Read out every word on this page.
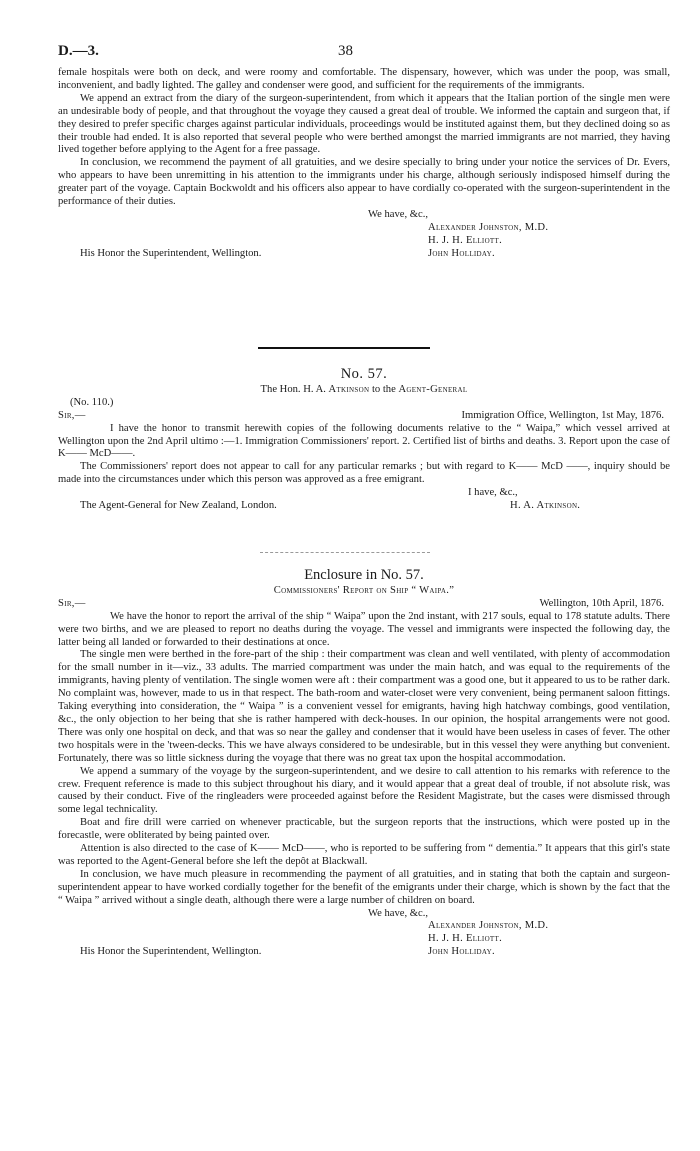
D.—3.	38

female hospitals were both on deck, and were roomy and comfortable. The dispensary, however, which was under the poop, was small, inconvenient, and badly lighted. The galley and condenser were good, and sufficient for the requirements of the immigrants.

We append an extract from the diary of the surgeon-superintendent, from which it appears that the Italian portion of the single men were an undesirable body of people, and that throughout the voyage they caused a great deal of trouble. We informed the captain and surgeon that, if they desired to prefer specific charges against particular individuals, proceedings would be instituted against them, but they declined doing so as their trouble had ended. It is also reported that several people who were berthed amongst the married immigrants are not married, they having lived together before applying to the Agent for a free passage.

In conclusion, we recommend the payment of all gratuities, and we desire specially to bring under your notice the services of Dr. Evers, who appears to have been unremitting in his attention to the immigrants under his charge, although seriously indisposed himself during the greater part of the voyage. Captain Bockwoldt and his officers also appear to have cordially co-operated with the surgeon-superintendent in the performance of their duties.

We have, &c.,
Alexander Johnston, M.D.
H. J. H. Elliott.
His Honor the Superintendent, Wellington.	John Holliday.
No. 57.
The Hon. H. A. Atkinson to the Agent-General
(No. 110.)
Sir,—	Immigration Office, Wellington, 1st May, 1876.

I have the honor to transmit herewith copies of the following documents relative to the “ Waipa,” which vessel arrived at Wellington upon the 2nd April ultimo :—1. Immigration Commissioners' report. 2. Certified list of births and deaths. 3. Report upon the case of K—— McD——.

The Commissioners' report does not appear to call for any particular remarks ; but with regard to K—— McD ——, inquiry should be made into the circumstances under which this person was approved as a free emigrant.

I have, &c.,
The Agent-General for New Zealand, London.	H. A. Atkinson.
Enclosure in No. 57.
Commissioners' Report on Ship “ Waipa.”
Sir,—	Wellington, 10th April, 1876.

We have the honor to report the arrival of the ship “ Waipa” upon the 2nd instant, with 217 souls, equal to 178 statute adults. There were two births, and we are pleased to report no deaths during the voyage. The vessel and immigrants were inspected the following day, the latter being all landed or forwarded to their destinations at once.

The single men were berthed in the fore-part of the ship : their compartment was clean and well ventilated, with plenty of accommodation for the small number in it—viz., 33 adults. The married compartment was under the main hatch, and was equal to the requirements of the immigrants, having plenty of ventilation. The single women were aft : their compartment was a good one, but it appeared to us to be rather dark. No complaint was, however, made to us in that respect. The bath-room and water-closet were very convenient, being permanent saloon fittings. Taking everything into consideration, the “ Waipa ” is a convenient vessel for emigrants, having high hatchway combings, good ventilation, &c., the only objection to her being that she is rather hampered with deck-houses. In our opinion, the hospital arrangements were not good. There was only one hospital on deck, and that was so near the galley and condenser that it would have been useless in cases of fever. The other two hospitals were in the 'tween-decks. This we have always considered to be undesirable, but in this vessel they were anything but convenient. Fortunately, there was so little sickness during the voyage that there was no great tax upon the hospital accommodation.

We append a summary of the voyage by the surgeon-superintendent, and we desire to call attention to his remarks with reference to the crew. Frequent reference is made to this subject throughout his diary, and it would appear that a great deal of trouble, if not absolute risk, was caused by their conduct. Five of the ringleaders were proceeded against before the Resident Magistrate, but the cases were dismissed through some legal technicality.

Boat and fire drill were carried on whenever practicable, but the surgeon reports that the instructions, which were posted up in the forecastle, were obliterated by being painted over.

Attention is also directed to the case of K—— McD——, who is reported to be suffering from “ dementia.” It appears that this girl's state was reported to the Agent-General before she left the depôt at Blackwall.

In conclusion, we have much pleasure in recommending the payment of all gratuities, and in stating that both the captain and surgeon-superintendent appear to have worked cordially together for the benefit of the emigrants under their charge, which is shown by the fact that the “ Waipa ” arrived without a single death, although there were a large number of children on board.

We have, &c.,
Alexander Johnston, M.D.
H. J. H. Elliott.
His Honor the Superintendent, Wellington.	John Holliday.
